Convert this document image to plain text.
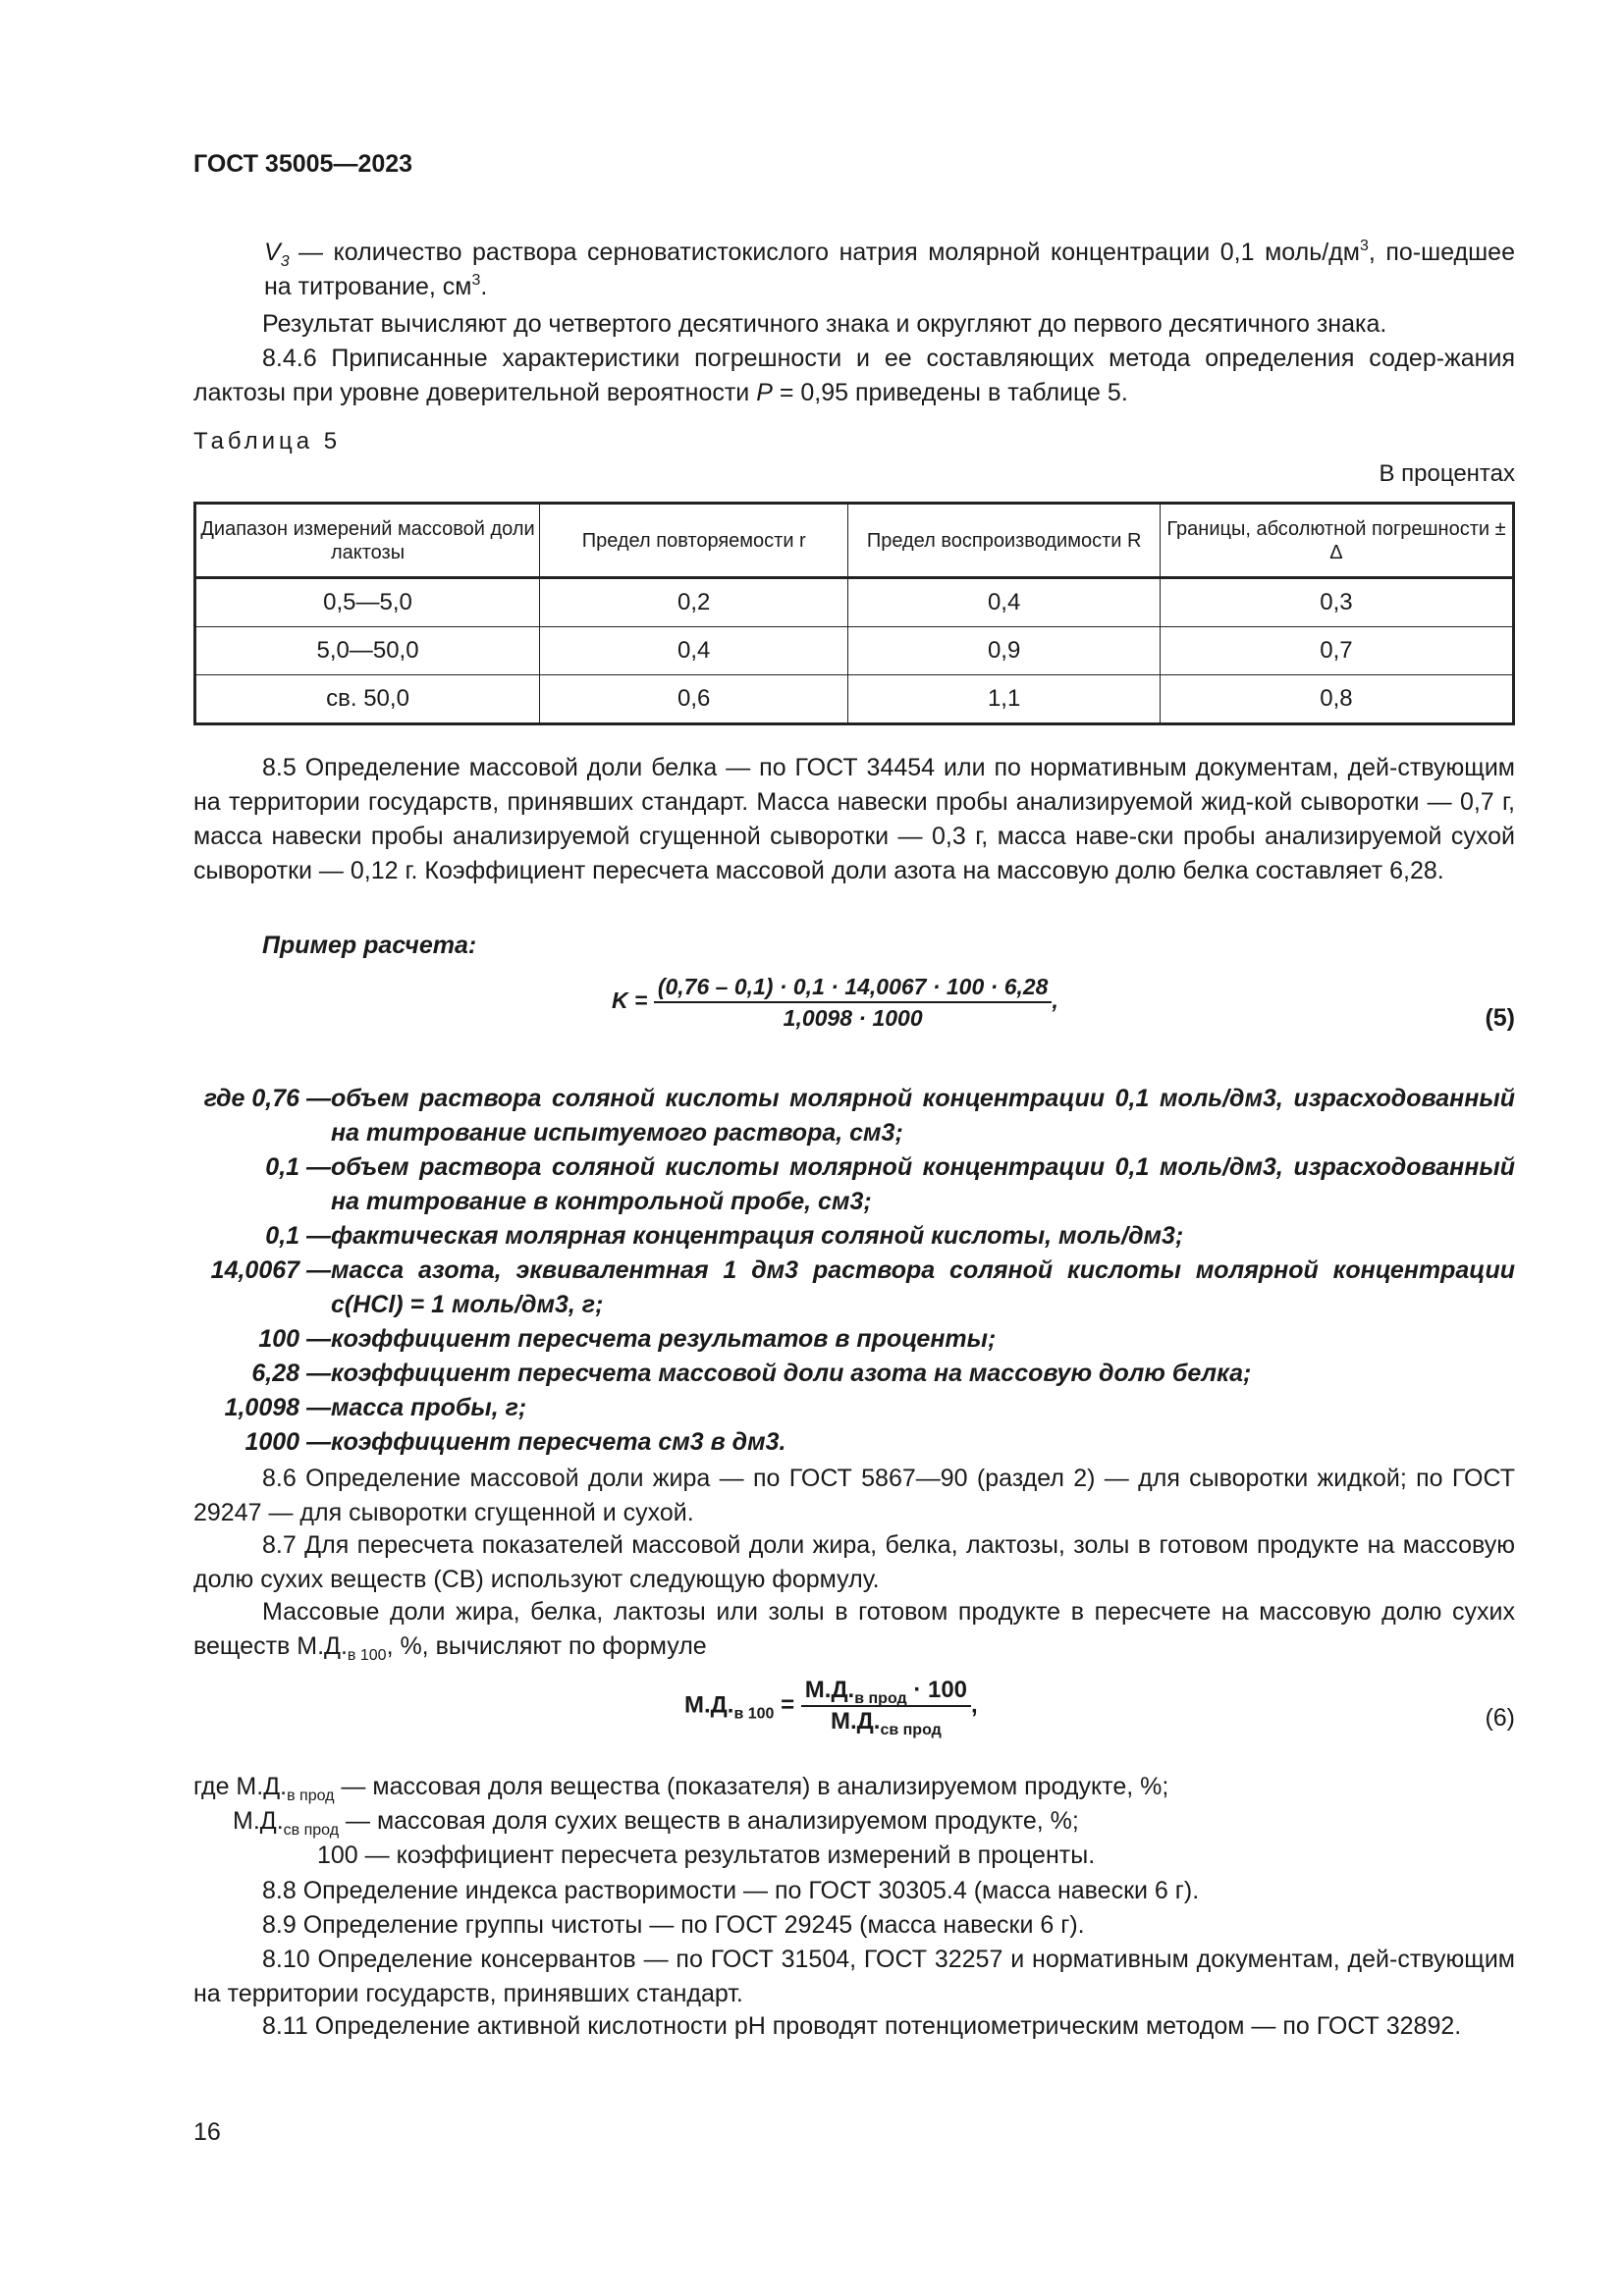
ГОСТ 35005—2023

$V_3$ — количество раствора серноватистокислого натрия молярной концентрации 0,1 моль/$дм^3$, по-шедшее на титрование, $см^3$.

Результат вычисляют до четвертого десятичного знака и округляют до первого десятичного знака.

8.4.6 Приписанные характеристики погрешности и ее составляющих метода определения содер-жания лактозы при уровне доверительной вероятности P = 0,95 приведены в таблице 5.

Таблица 5
В процентах
Диапазон измерений массовой доли лактозы	Предел повторяемости r	Предел воспроизводимости R	Границы, абсолютной погрешности ± Δ
0,5—5,0	0,2	0,4	0,3
5,0—50,0	0,4	0,9	0,7
св. 50,0	0,6	1,1	0,8

8.5 Определение массовой доли белка — по ГОСТ 34454 или по нормативным документам, дей-ствующим на территории государств, принявших стандарт. Масса навески пробы анализируемой жид-кой сыворотки — 0,7 г, масса навески пробы анализируемой сгущенной сыворотки — 0,3 г, масса наве-ски пробы анализируемой сухой сыворотки — 0,12 г. Коэффициент пересчета массовой доли азота на массовую долю белка составляет 6,28.

Пример расчета:

$K = \frac{(0,76 - 0,1) \cdot 0,1 \cdot 14,0067 \cdot 100 \cdot 6,28}{1,0098 \cdot 1000}$ ,
(5)
где 0,76 — объем раствора соляной кислоты молярной концентрации 0,1 моль/дм3, израсходованный на титрование испытуемого раствора, см3;
0,1 — объем раствора соляной кислоты молярной концентрации 0,1 моль/дм3, израсходованный на титрование в контрольной пробе, см3;
0,1 — фактическая молярная концентрация соляной кислоты, моль/дм3;
14,0067 — масса азота, эквивалентная 1 дм3 раствора соляной кислоты молярной концентрации с(HCl) = 1 моль/дм3, г;
100 — коэффициент пересчета результатов в проценты;
6,28 — коэффициент пересчета массовой доли азота на массовую долю белка;
1,0098 — масса пробы, г;
1000 — коэффициент пересчета см3 в дм3.

8.6 Определение массовой доли жира — по ГОСТ 5867—90 (раздел 2) — для сыворотки жидкой; по ГОСТ 29247 — для сыворотки сгущенной и сухой.

8.7 Для пересчета показателей массовой доли жира, белка, лактозы, золы в готовом продукте на массовую долю сухих веществ (СВ) используют следующую формулу.

Массовые доли жира, белка, лактозы или золы в готовом продукте в пересчете на массовую долю сухих веществ $М.Д._{в 100}$, %, вычисляют по формуле

$М.Д._{в 100} = \frac{М.Д._{в прод} \cdot 100}{М.Д._{св прод}}$ ,	(6)
где $М.Д._{в прод}$ — массовая доля вещества (показателя) в анализируемом продукте, %;
$М.Д._{св прод}$ — массовая доля сухих веществ в анализируемом продукте, %;
100 — коэффициент пересчета результатов измерений в проценты.

8.8 Определение индекса растворимости — по ГОСТ 30305.4 (масса навески 6 г).

8.9 Определение группы чистоты — по ГОСТ 29245 (масса навески 6 г).

8.10 Определение консервантов — по ГОСТ 31504, ГОСТ 32257 и нормативным документам, дей-ствующим на территории государств, принявших стандарт.

8.11 Определение активной кислотности pH проводят потенциометрическим методом — по ГОСТ 32892.

16
